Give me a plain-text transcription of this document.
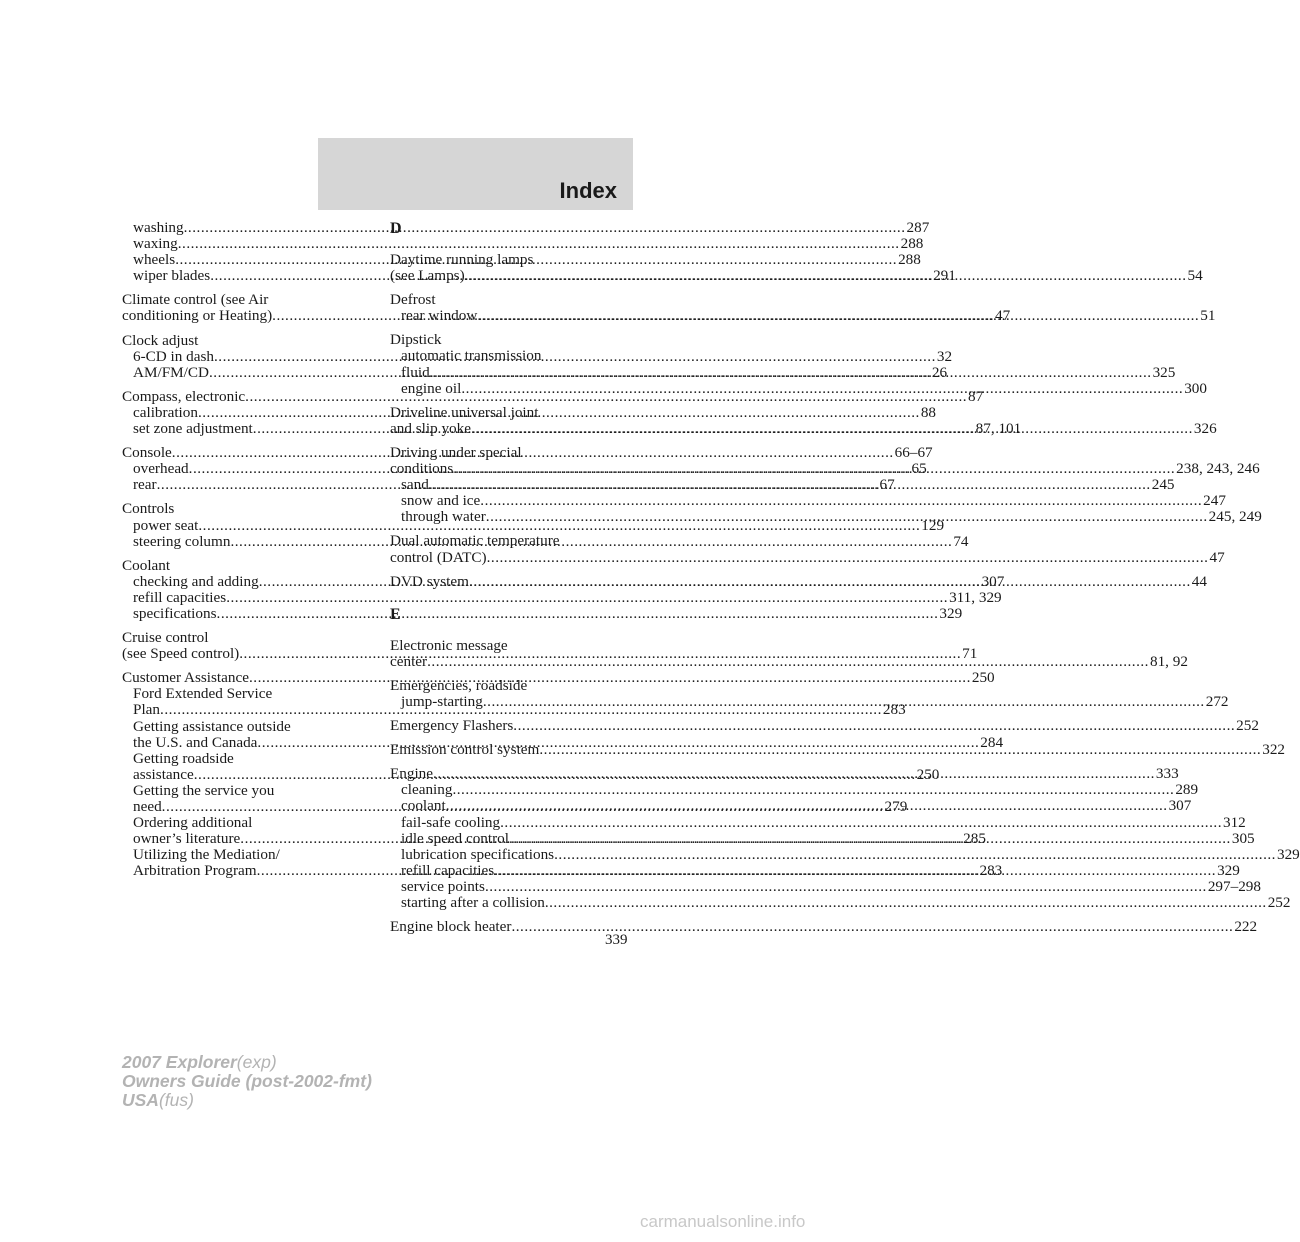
Index
washing .....	287
waxing .....	288
wheels .....	288
wiper blades .....	291
Climate control (see Air
conditioning or Heating) .....	47
Clock adjust
6-CD in dash .....	32
AM/FM/CD .....	26
Compass, electronic .....	87
calibration .....	88
set zone adjustment .....	87, 101
Console .....	66–67
overhead .....	65
rear .....	67
Controls
power seat .....	129
steering column .....	74
Coolant
checking and adding .....	307
refill capacities .....	311, 329
specifications .....	329
Cruise control
(see Speed control) .....	71
Customer Assistance .....	250
Ford Extended Service
Plan .....	283
Getting assistance outside
the U.S. and Canada .....	284
Getting roadside
assistance .....	250
Getting the service you
need .....	279
Ordering additional
owner’s literature .....	285
Utilizing the Mediation/
Arbitration Program .....	283
D
Daytime running lamps
(see Lamps) .....	54
Defrost
rear window .....	51
Dipstick
automatic transmission
fluid .....	325
engine oil .....	300
Driveline universal joint
and slip yoke .....	326
Driving under special
conditions .....	238, 243, 246
sand .....	245
snow and ice .....	247
through water .....	245, 249
Dual automatic temperature
control (DATC) .....	47
DVD system .....	44
E
Electronic message
center .....	81, 92
Emergencies, roadside
jump-starting .....	272
Emergency Flashers .....	252
Emission control system .....	322
Engine .....	333
cleaning .....	289
coolant .....	307
fail-safe cooling .....	312
idle speed control .....	305
lubrication specifications .....	329
refill capacities .....	329
service points .....	297–298
starting after a collision .....	252
Engine block heater .....	222
339
2007 Explorer(exp)
Owners Guide (post-2002-fmt)
USA(fus)
carmanualsonline.info
